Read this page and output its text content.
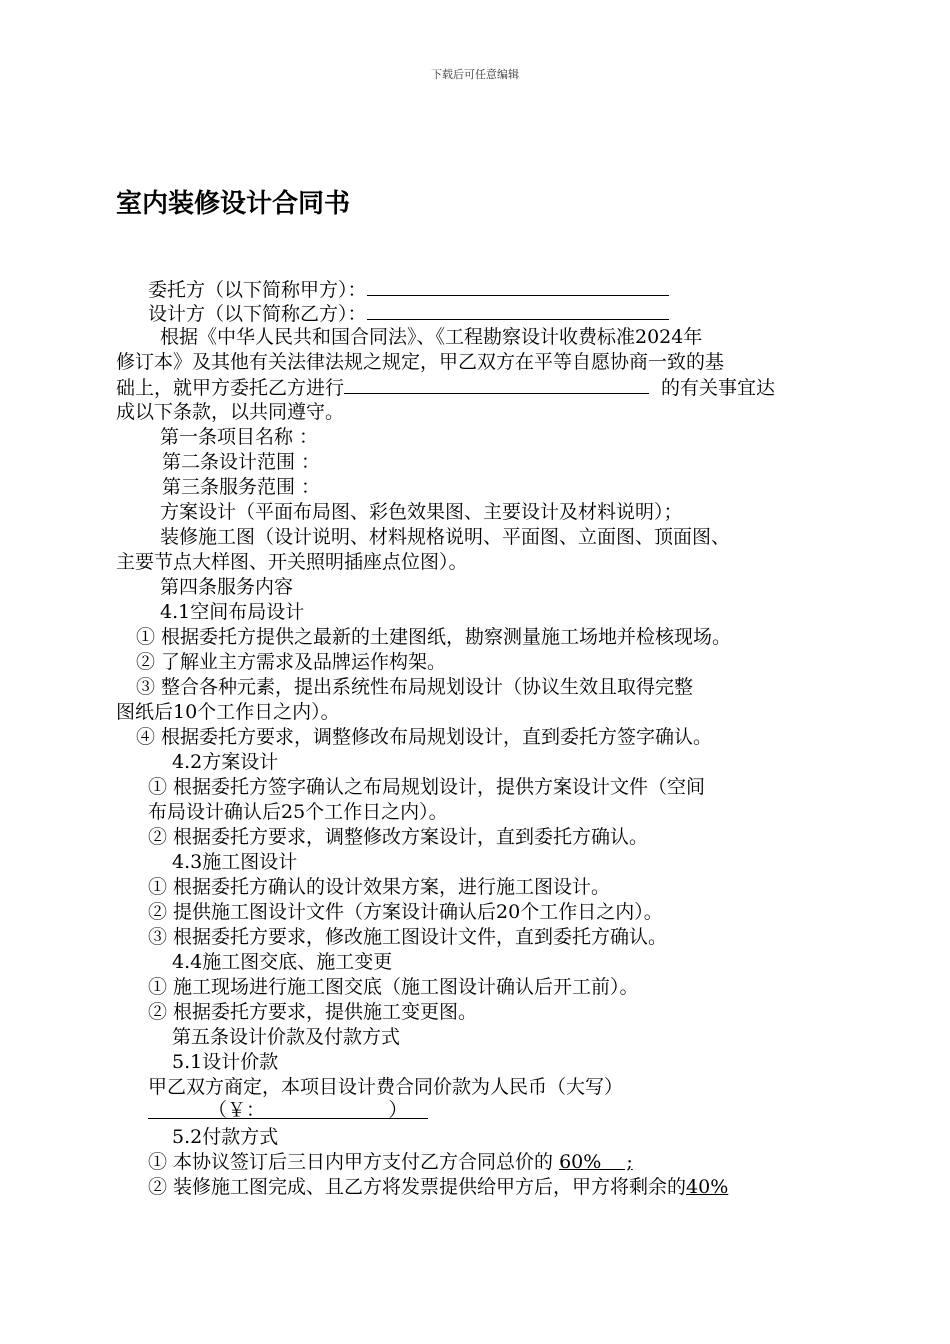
下载后可任意编辑
室内装修设计合同书
委托方（以下简称甲方）：
设计方（以下简称乙方）：
根据《中华人民共和国合同法》、《工程勘察设计收费标准2024年
修订本》及其他有关法律法规之规定，甲乙双方在平等自愿协商一致的基
础上，就甲方委托乙方进行	的有关事宜达
成以下条款，以共同遵守。
第一条项目名称 ：
第二条设计范围 ：
第三条服务范围 ：
方案设计（平面布局图、彩色效果图、主要设计及材料说明）；
装修施工图（设计说明、材料规格说明、平面图、立面图、顶面图、
主要节点大样图、开关照明插座点位图）。
第四条服务内容
4.1空间布局设计
① 根据委托方提供之最新的土建图纸，勘察测量施工场地并检核现场。
② 了解业主方需求及品牌运作构架。
③ 整合各种元素，提出系统性布局规划设计（协议生效且取得完整
图纸后10个工作日之内）。
④ 根据委托方要求，调整修改布局规划设计，直到委托方签字确认。
4.2方案设计
① 根据委托方签字确认之布局规划设计，提供方案设计文件（空间
布局设计确认后25个工作日之内）。
② 根据委托方要求，调整修改方案设计，直到委托方确认。
4.3施工图设计
① 根据委托方确认的设计效果方案，进行施工图设计。
② 提供施工图设计文件（方案设计确认后20个工作日之内）。
③ 根据委托方要求，修改施工图设计文件，直到委托方确认。
4.4施工图交底、施工变更
① 施工现场进行施工图交底（施工图设计确认后开工前）。
② 根据委托方要求，提供施工变更图。
第五条设计价款及付款方式
5.1设计价款
甲乙双方商定，本项目设计费合同价款为人民币（大写）
（￥：　　　　　　　）
5.2付款方式
① 本协议签订后三日内甲方支付乙方合同总价的 60%　 ;
② 装修施工图完成、且乙方将发票提供给甲方后，甲方将剩余的40%
